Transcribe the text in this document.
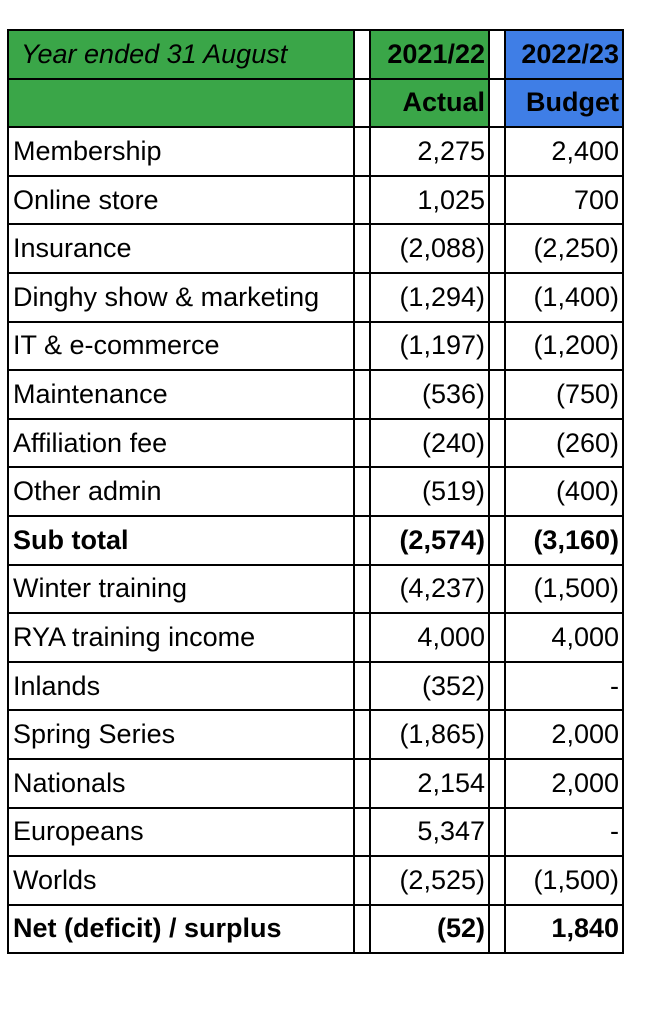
Year ended 31 August		2021/22		2022/23
		Actual		Budget
Membership		2,275		2,400
Online store		1,025		700
Insurance		(2,088)		(2,250)
Dinghy show & marketing		(1,294)		(1,400)
IT & e-commerce		(1,197)		(1,200)
Maintenance		(536)		(750)
Affiliation fee		(240)		(260)
Other admin		(519)		(400)
Sub total		(2,574)		(3,160)
Winter training		(4,237)		(1,500)
RYA training income		4,000		4,000
Inlands		(352)		-
Spring Series		(1,865)		2,000
Nationals		2,154		2,000
Europeans		5,347		-
Worlds		(2,525)		(1,500)
Net (deficit) / surplus		(52)		1,840
